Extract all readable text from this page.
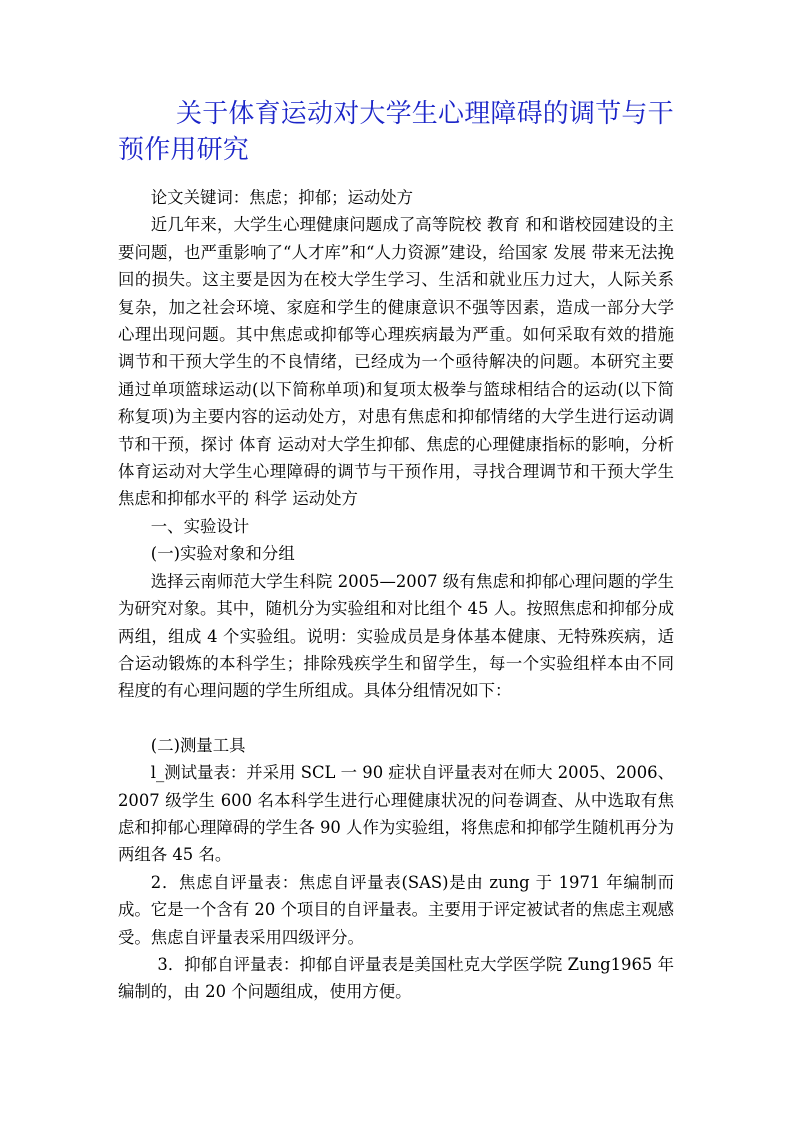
关于体育运动对大学生心理障碍的调节与干预作用研究

论文关键词：焦虑；抑郁；运动处方

近几年来，大学生心理健康问题成了高等院校 教育 和和谐校园建设的主要问题，也严重影响了“人才库”和“人力资源”建设，给国家 发展 带来无法挽回的损失。这主要是因为在校大学生学习、生活和就业压力过大，人际关系复杂，加之社会环境、家庭和学生的健康意识不强等因素，造成一部分大学心理出现问题。其中焦虑或抑郁等心理疾病最为严重。如何采取有效的措施调节和干预大学生的不良情绪，已经成为一个亟待解决的问题。本研究主要通过单项篮球运动(以下简称单项)和复项太极拳与篮球相结合的运动(以下简称复项)为主要内容的运动处方，对患有焦虑和抑郁情绪的大学生进行运动调节和干预，探讨 体育 运动对大学生抑郁、焦虑的心理健康指标的影响，分析体育运动对大学生心理障碍的调节与干预作用，寻找合理调节和干预大学生焦虑和抑郁水平的 科学 运动处方

一、实验设计

(一)实验对象和分组

选择云南师范大学生科院 2005—2007 级有焦虑和抑郁心理问题的学生为研究对象。其中，随机分为实验组和对比组个 45 人。按照焦虑和抑郁分成两组，组成 4 个实验组。说明：实验成员是身体基本健康、无特殊疾病，适合运动锻炼的本科学生；排除残疾学生和留学生，每一个实验组样本由不同程度的有心理问题的学生所组成。具体分组情况如下：

(二)测量工具

l_测试量表：并采用 SCL 一 90 症状自评量表对在师大 2005、2006、2007 级学生 600 名本科学生进行心理健康状况的问卷调查、从中选取有焦虑和抑郁心理障碍的学生各 90 人作为实验组，将焦虑和抑郁学生随机再分为两组各 45 名。

2．焦虑自评量表：焦虑自评量表(SAS)是由 zung 于 1971 年编制而成。它是一个含有 20 个项目的自评量表。主要用于评定被试者的焦虑主观感受。焦虑自评量表采用四级评分。

3．抑郁自评量表：抑郁自评量表是美国杜克大学医学院 Zung1965 年编制的，由 20 个问题组成，使用方便。
